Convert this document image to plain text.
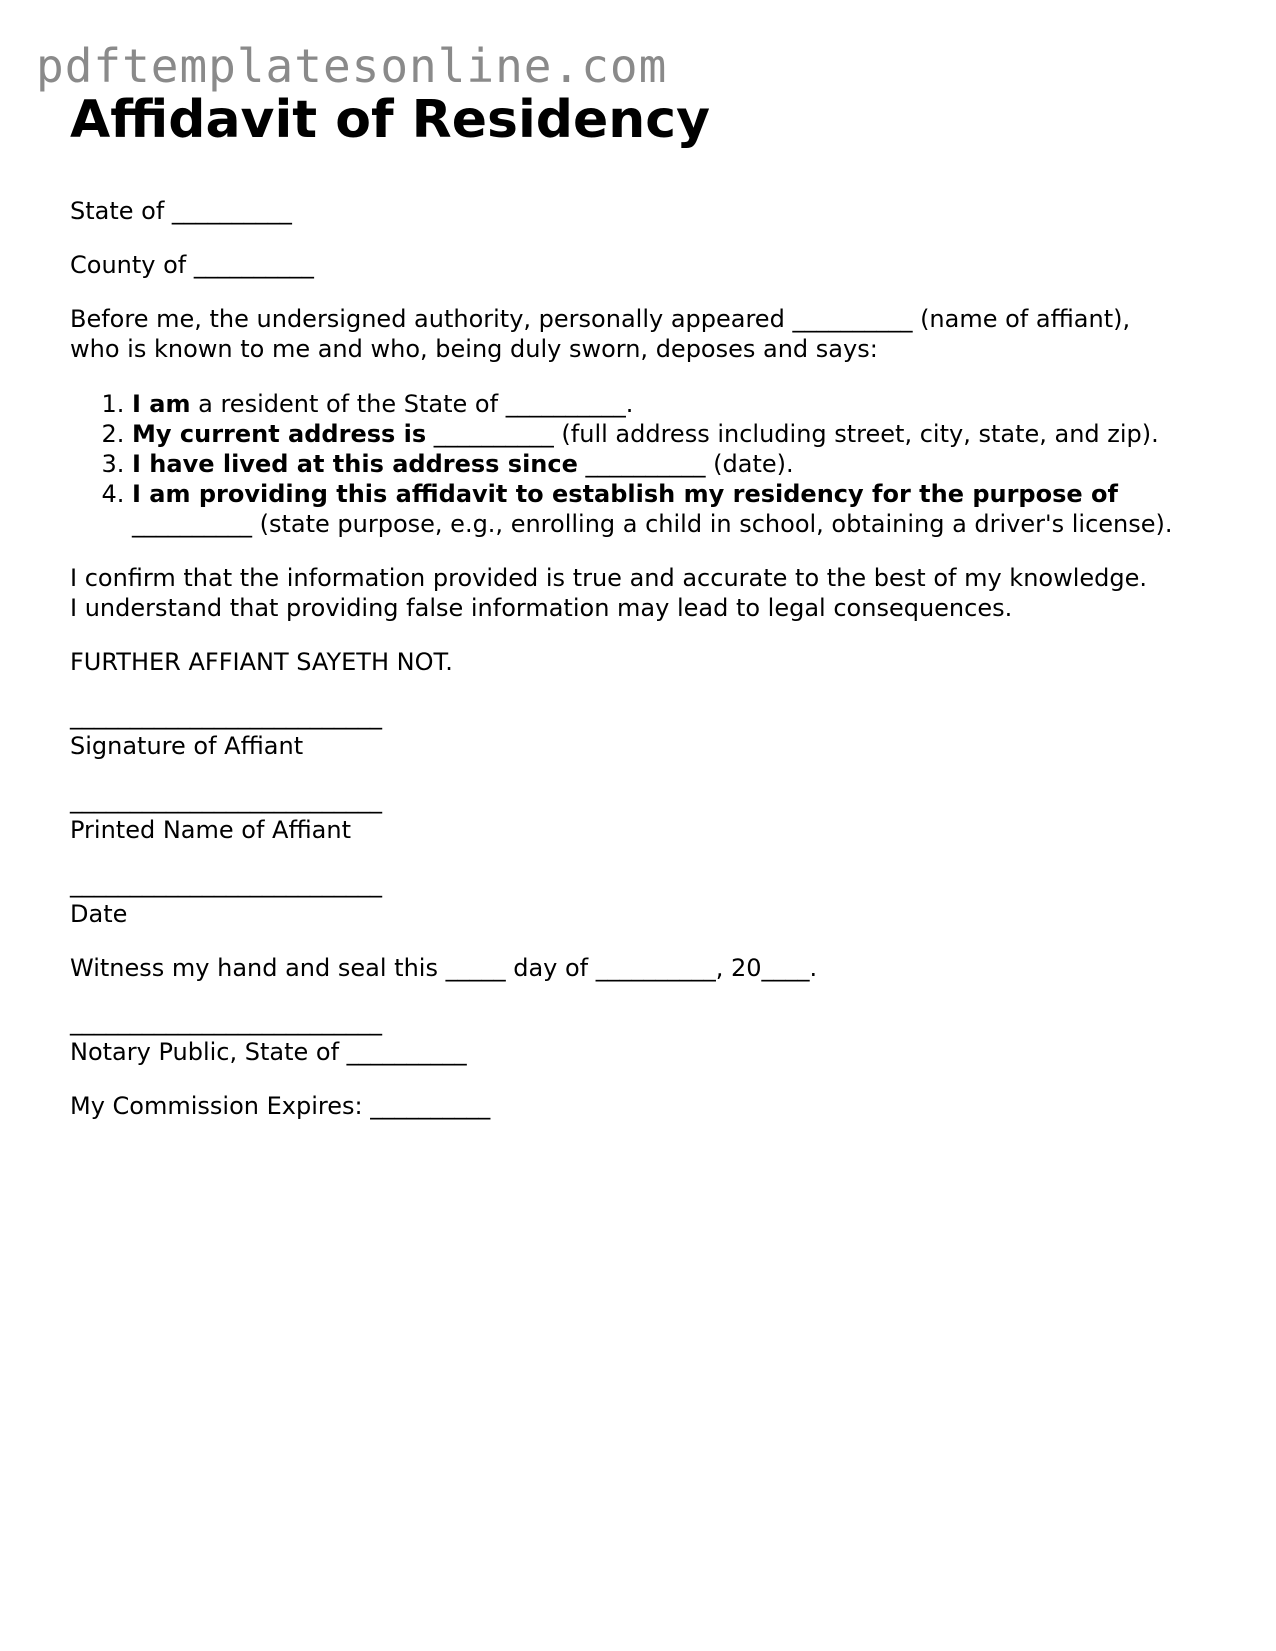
pdftemplatesonline.com
Affidavit of Residency

State of __________

County of __________

Before me, the undersigned authority, personally appeared __________ (name of affiant),

who is known to me and who, being duly sworn, deposes and says:

1. I am a resident of the State of __________.
2. My current address is __________ (full address including street, city, state, and zip).
3. I have lived at this address since __________ (date).
4. I am providing this affidavit to establish my residency for the purpose of __________ (state purpose, e.g., enrolling a child in school, obtaining a driver's license).

I confirm that the information provided is true and accurate to the best of my knowledge.

I understand that providing false information may lead to legal consequences.

FURTHER AFFIANT SAYETH NOT.

__________________________

Signature of Affiant

__________________________

Printed Name of Affiant

__________________________

Date

Witness my hand and seal this _____ day of __________, 20____.

__________________________

Notary Public, State of __________

My Commission Expires: __________
